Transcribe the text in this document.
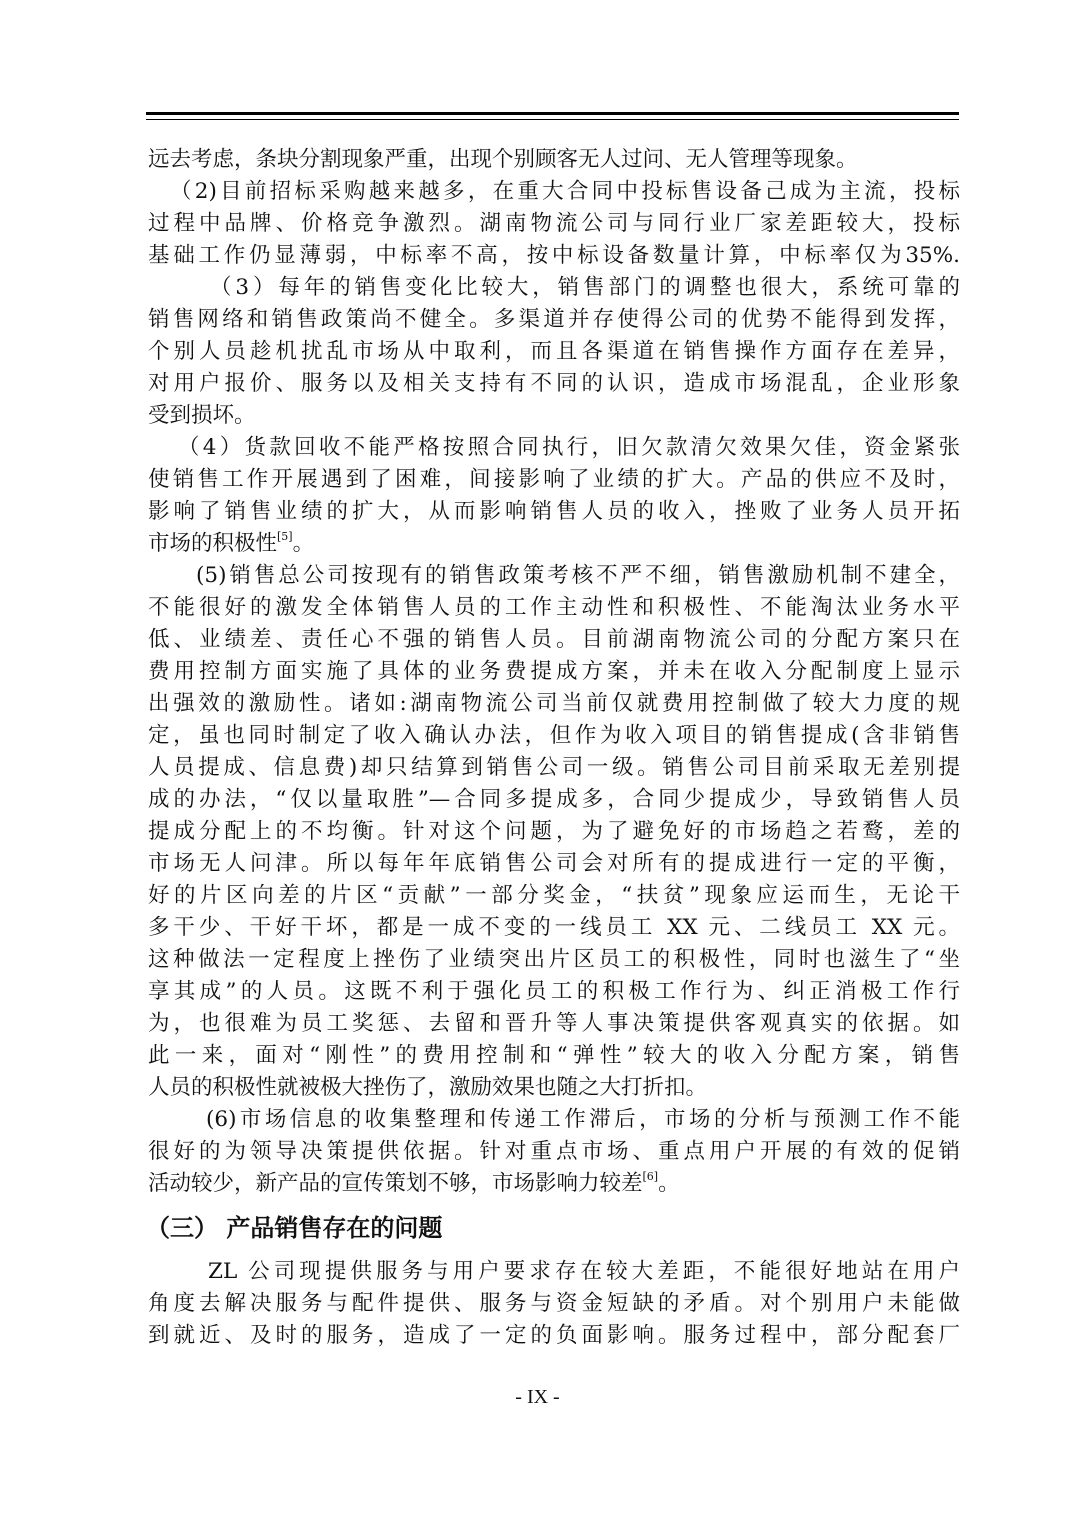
远去考虑，条块分割现象严重，出现个别顾客无人过问、无人管理等现象。
（2)目前招标采购越来越多，在重大合同中投标售设备己成为主流，投标
过程中品牌、价格竞争激烈。湖南物流公司与同行业厂家差距较大，投标
基础工作仍显薄弱，中标率不高，按中标设备数量计算，中标率仅为35%.
（3）每年的销售变化比较大，销售部门的调整也很大，系统可靠的
销售网络和销售政策尚不健全。多渠道并存使得公司的优势不能得到发挥，
个别人员趁机扰乱市场从中取利，而且各渠道在销售操作方面存在差异，
对用户报价、服务以及相关支持有不同的认识，造成市场混乱，企业形象
受到损坏。
（4）货款回收不能严格按照合同执行，旧欠款清欠效果欠佳，资金紧张
使销售工作开展遇到了困难，间接影响了业绩的扩大。产品的供应不及时，
影响了销售业绩的扩大，从而影响销售人员的收入，挫败了业务人员开拓
市场的积极性[5]。
(5)销售总公司按现有的销售政策考核不严不细，销售激励机制不建全，
不能很好的激发全体销售人员的工作主动性和积极性、不能淘汰业务水平
低、业绩差、责任心不强的销售人员。目前湖南物流公司的分配方案只在
费用控制方面实施了具体的业务费提成方案，并未在收入分配制度上显示
出强效的激励性。诸如:湖南物流公司当前仅就费用控制做了较大力度的规
定，虽也同时制定了收入确认办法，但作为收入项目的销售提成(含非销售
人员提成、信息费)却只结算到销售公司一级。销售公司目前采取无差别提
成的办法，“仅以量取胜”—合同多提成多，合同少提成少，导致销售人员
提成分配上的不均衡。针对这个问题，为了避免好的市场趋之若鹜，差的
市场无人问津。所以每年年底销售公司会对所有的提成进行一定的平衡，
好的片区向差的片区“贡献”一部分奖金，“扶贫”现象应运而生，无论干
多干少、干好干坏，都是一成不变的一线员工 XX 元、二线员工 XX 元。
这种做法一定程度上挫伤了业绩突出片区员工的积极性，同时也滋生了“坐
享其成”的人员。这既不利于强化员工的积极工作行为、纠正消极工作行
为，也很难为员工奖惩、去留和晋升等人事决策提供客观真实的依据。如
此一来，面对“刚性”的费用控制和“弹性”较大的收入分配方案，销售
人员的积极性就被极大挫伤了，激励效果也随之大打折扣。
(6)市场信息的收集整理和传递工作滞后，市场的分析与预测工作不能
很好的为领导决策提供依据。针对重点市场、重点用户开展的有效的促销
活动较少，新产品的宣传策划不够，市场影响力较差[6]。
（三） 产品销售存在的问题
ZL 公司现提供服务与用户要求存在较大差距，不能很好地站在用户
角度去解决服务与配件提供、服务与资金短缺的矛盾。对个别用户未能做
到就近、及时的服务，造成了一定的负面影响。服务过程中，部分配套厂
- IX -
